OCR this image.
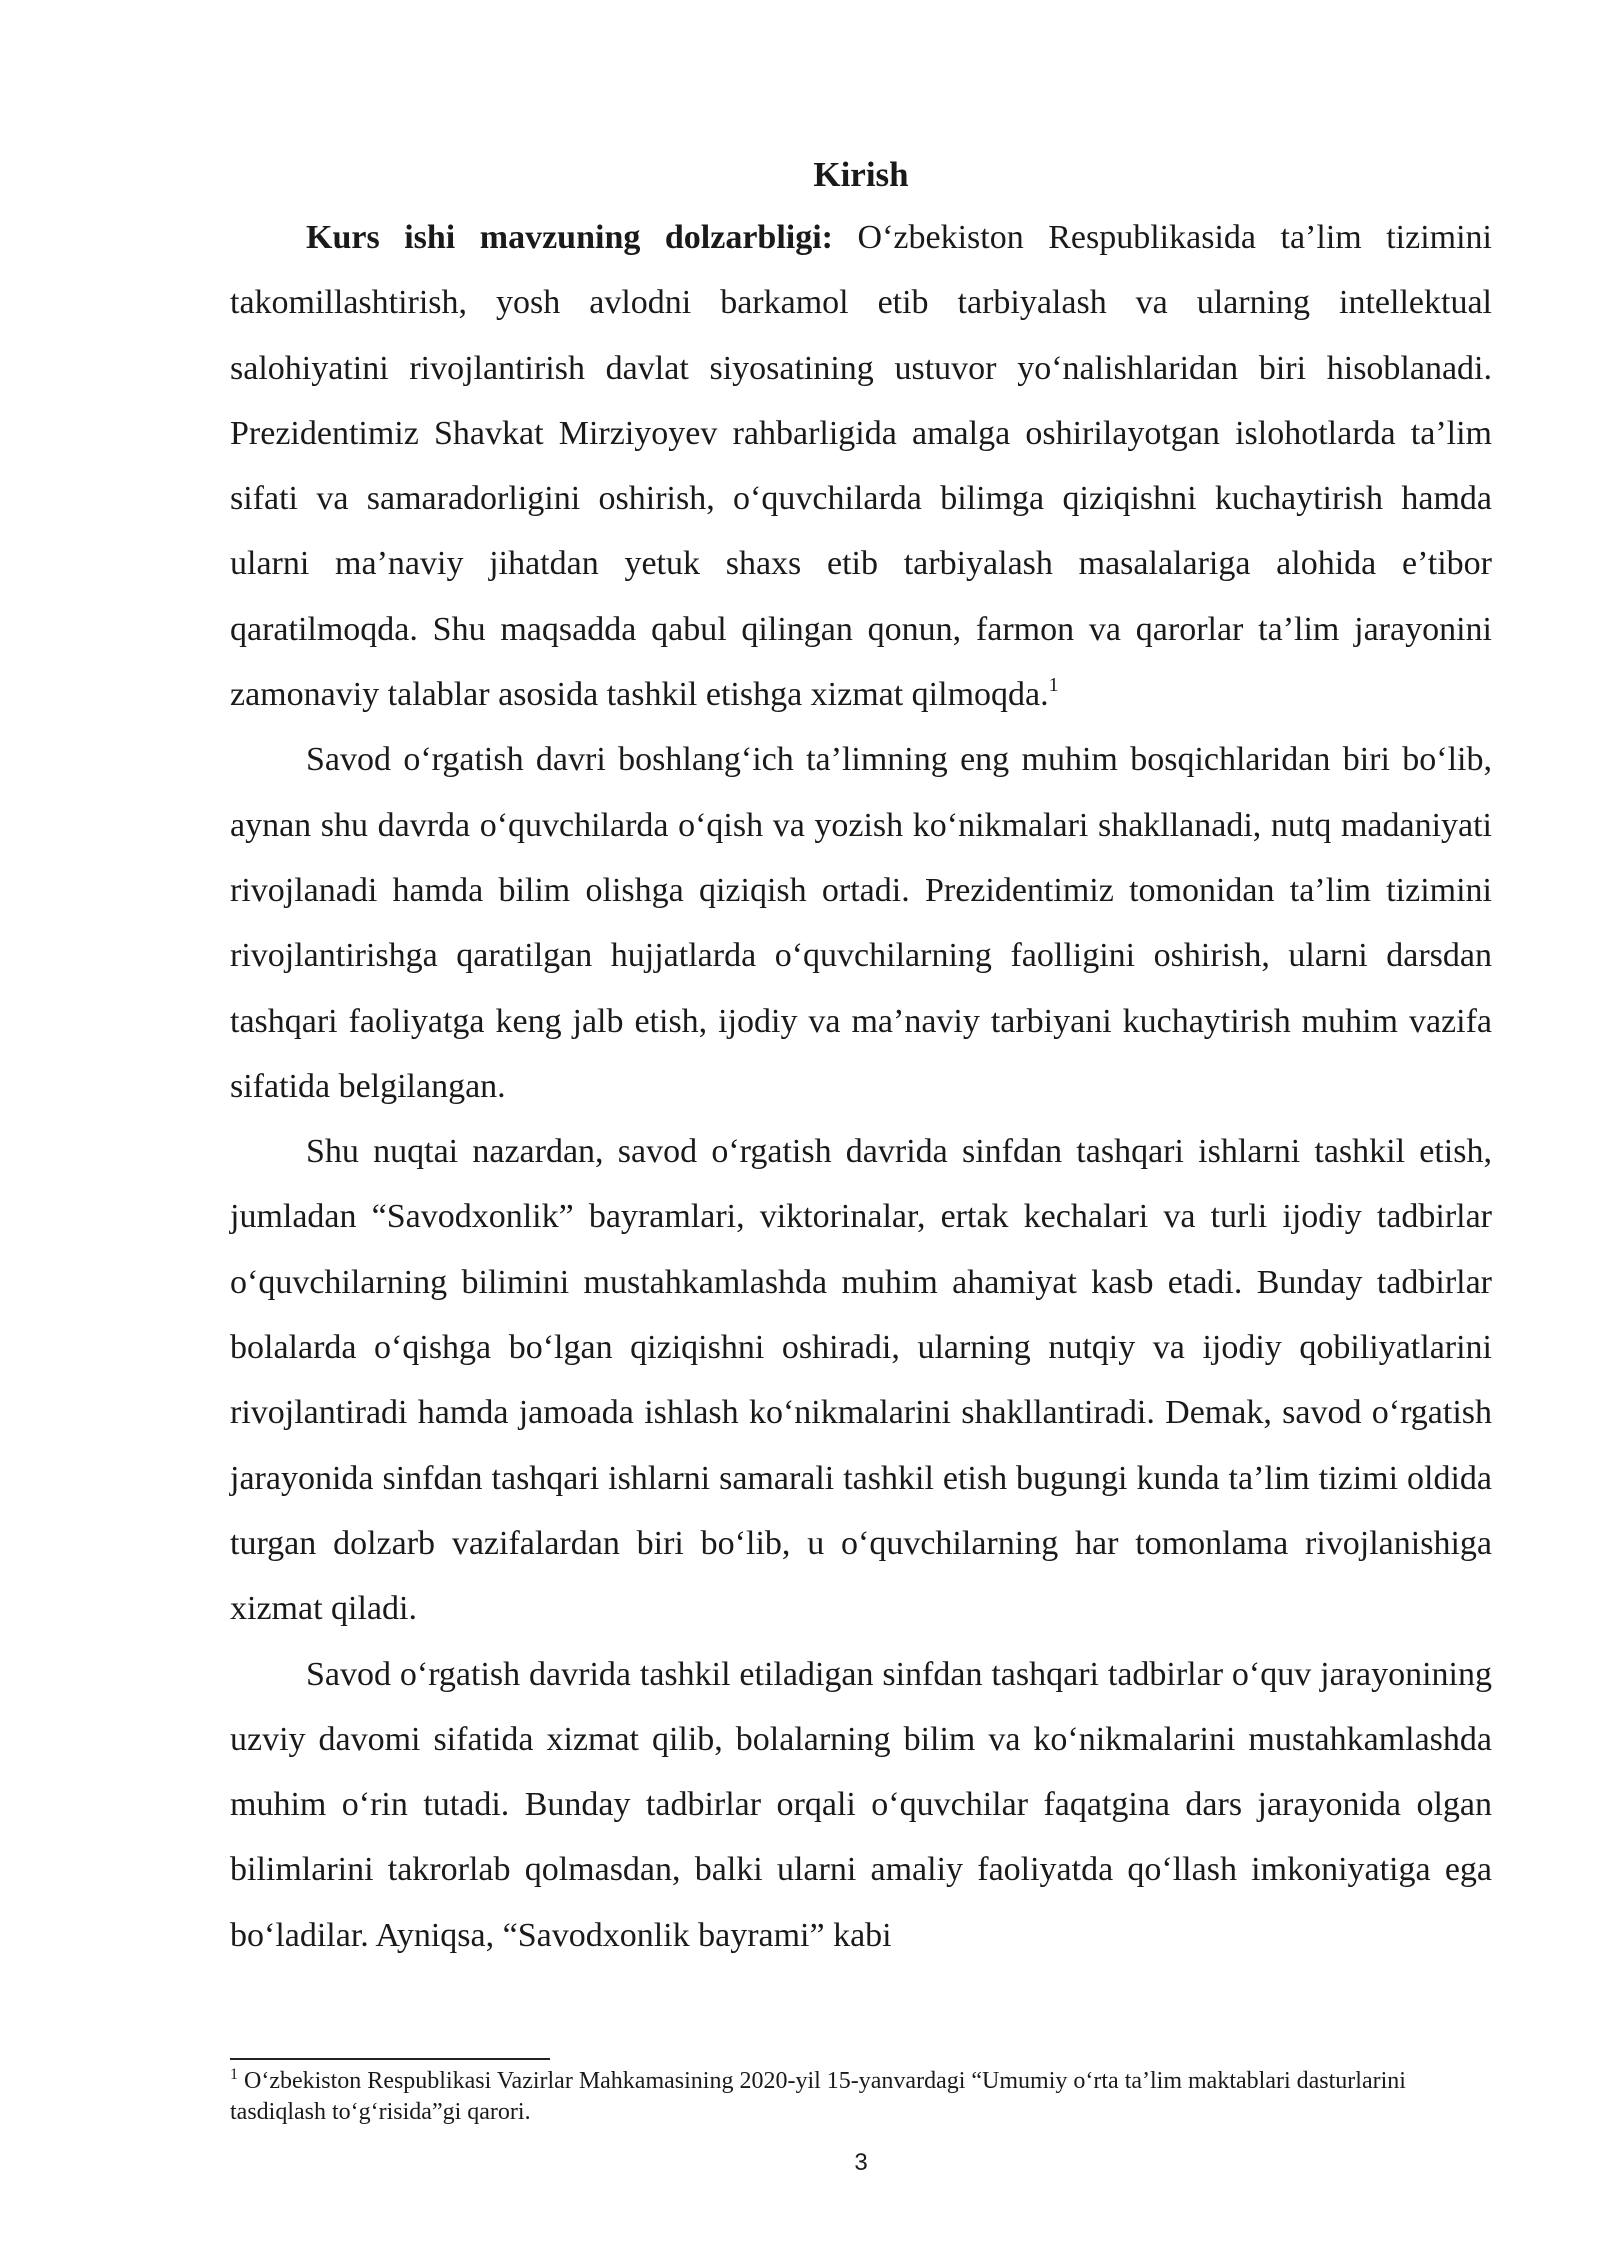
Kirish

Kurs ishi mavzuning dolzarbligi: O‘zbekiston Respublikasida ta’lim tizimini takomillashtirish, yosh avlodni barkamol etib tarbiyalash va ularning intellektual salohiyatini rivojlantirish davlat siyosatining ustuvor yo‘nalishlaridan biri hisoblanadi. Prezidentimiz Shavkat Mirziyoyev rahbarligida amalga oshirilayotgan islohotlarda ta’lim sifati va samaradorligini oshirish, o‘quvchilarda bilimga qiziqishni kuchaytirish hamda ularni ma’naviy jihatdan yetuk shaxs etib tarbiyalash masalalariga alohida e’tibor qaratilmoqda. Shu maqsadda qabul qilingan qonun, farmon va qarorlar ta’lim jarayonini zamonaviy talablar asosida tashkil etishga xizmat qilmoqda.$^1$

Savod o‘rgatish davri boshlang‘ich ta’limning eng muhim bosqichlaridan biri bo‘lib, aynan shu davrda o‘quvchilarda o‘qish va yozish ko‘nikmalari shakllanadi, nutq madaniyati rivojlanadi hamda bilim olishga qiziqish ortadi. Prezidentimiz tomonidan ta’lim tizimini rivojlantirishga qaratilgan hujjatlarda o‘quvchilarning faolligini oshirish, ularni darsdan tashqari faoliyatga keng jalb etish, ijodiy va ma’naviy tarbiyani kuchaytirish muhim vazifa sifatida belgilangan.

Shu nuqtai nazardan, savod o‘rgatish davrida sinfdan tashqari ishlarni tashkil etish, jumladan “Savodxonlik” bayramlari, viktorinalar, ertak kechalari va turli ijodiy tadbirlar o‘quvchilarning bilimini mustahkamlashda muhim ahamiyat kasb etadi. Bunday tadbirlar bolalarda o‘qishga bo‘lgan qiziqishni oshiradi, ularning nutqiy va ijodiy qobiliyatlarini rivojlantiradi hamda jamoada ishlash ko‘nikmalarini shakllantiradi. Demak, savod o‘rgatish jarayonida sinfdan tashqari ishlarni samarali tashkil etish bugungi kunda ta’lim tizimi oldida turgan dolzarb vazifalardan biri bo‘lib, u o‘quvchilarning har tomonlama rivojlanishiga xizmat qiladi.

Savod o‘rgatish davrida tashkil etiladigan sinfdan tashqari tadbirlar o‘quv jarayonining uzviy davomi sifatida xizmat qilib, bolalarning bilim va ko‘nikmalarini mustahkamlashda muhim o‘rin tutadi. Bunday tadbirlar orqali o‘quvchilar faqatgina dars jarayonida olgan bilimlarini takrorlab qolmasdan, balki ularni amaliy faoliyatda qo‘llash imkoniyatiga ega bo‘ladilar. Ayniqsa, “Savodxonlik bayrami” kabi

$^1$ O‘zbekiston Respublikasi Vazirlar Mahkamasining 2020-yil 15-yanvardagi “Umumiy o‘rta ta’lim maktablari dasturlarini tasdiqlash to‘g‘risida”gi qarori.
3
